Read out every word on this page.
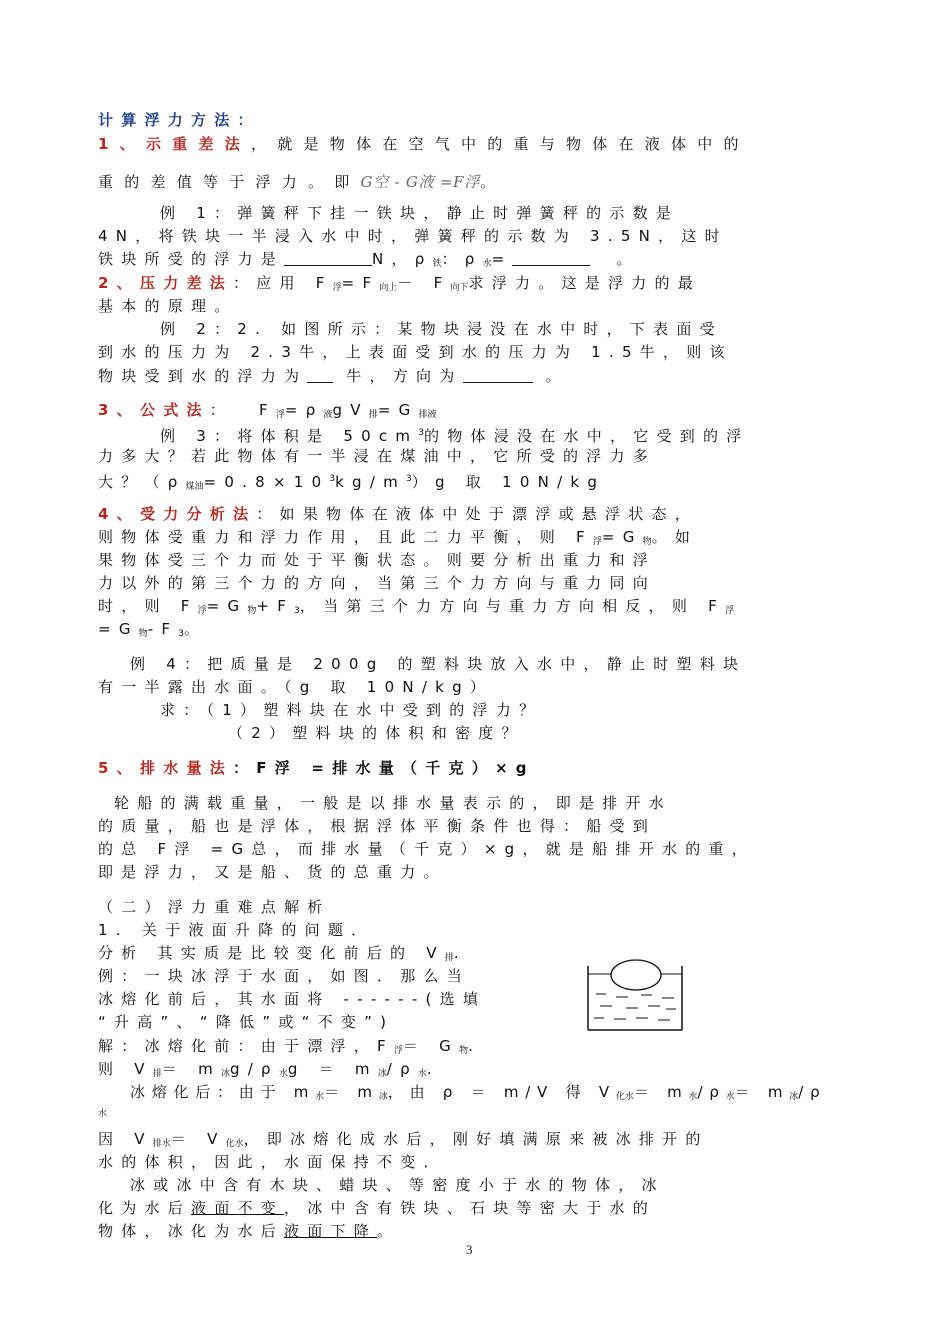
计算浮力方法：
1、示重差法，就是物体在空气中的重与物体在液体中的
重的差值等于浮力。即G空 - G液 =F浮。
例 1：弹簧秤下挂一铁块，静止时弹簧秤的示数是
4N，将铁块一半浸入水中时，弹簧秤的示数为 3.5N，这时
铁块所受的浮力是	N，$\rho_铁$：$\rho_水=$	。
2、压力差法：应用 $F_浮=F_{向上}- F_{向下}$求浮力。这是浮力的最
基本的原理。
例 2：2. 如图所示：某物块浸没在水中时，下表面受
到水的压力为 2.3牛，上表面受到水的压力为 1.5牛，则该
物块受到水的浮力为	牛，方向为	。
3、公式法： $F_浮=\rho_液gV_排=G_{排液}$
例 3：将体积是 $50cm^3$的物体浸没在水中，它受到的浮
力多大？若此物体有一半浸在煤油中，它所受的浮力多
大？$(\rho_{煤油}=0.8\times 10^3kg/m^3)g$ 取 10N/kg
4、受力分析法：如果物体在液体中处于漂浮或悬浮状态，
则物体受重力和浮力作用，且此二力平衡，则 $F_浮=G_物$。如
果物体受三个力而处于平衡状态。则要分析出重力和浮
力以外的第三个力的方向，当第三个力方向与重力同向
时，则 $F_浮=G_物+F_3$，当第三个力方向与重力方向相反，则 $F_浮$
$=G_物-F_3$。
例 4：把质量是 200g 的塑料块放入水中，静止时塑料块
有一半露出水面。（g 取 10N/kg）
求：（1）塑料块在水中受到的浮力？
（2）塑料块的体积和密度？
5、排水量法：F浮 =排水量（千克）×g
轮船的满载重量，一般是以排水量表示的，即是排开水
的质量，船也是浮体，根据浮体平衡条件也得：船受到
的总 F浮 =G总，而排水量（千克）×g，就是船排开水的重，
即是浮力，又是船、货的总重力。
（二）浮力重难点解析
1. 关于液面升降的问题．
分析 其实质是比较变化前后的 $V_排$.
例：一块冰浮于水面，如图．那么当
冰熔化前后，其水面将 ------(选填
“升高”、“降低”或“不变”)
解：冰熔化前：由于漂浮，$F_浮= G_物$.
则 $V_排= m_冰g/\rho_水g = m_冰/\rho_水$.
冰熔化后：由于 $m_水= m_冰$，由 ρ ＝ m/V 得 $V_{化水}= m_水/\rho_水= m_冰/\rho$
水
因 $V_{排水}= V_{化水}$，即冰熔化成水后，刚好填满原来被冰排开的
水的体积，因此，水面保持不变．
冰或冰中含有木块、蜡块、等密度小于水的物体，冰
化为水后液面不变，冰中含有铁块、石块等密大于水的
物体，冰化为水后液面下降。
3
